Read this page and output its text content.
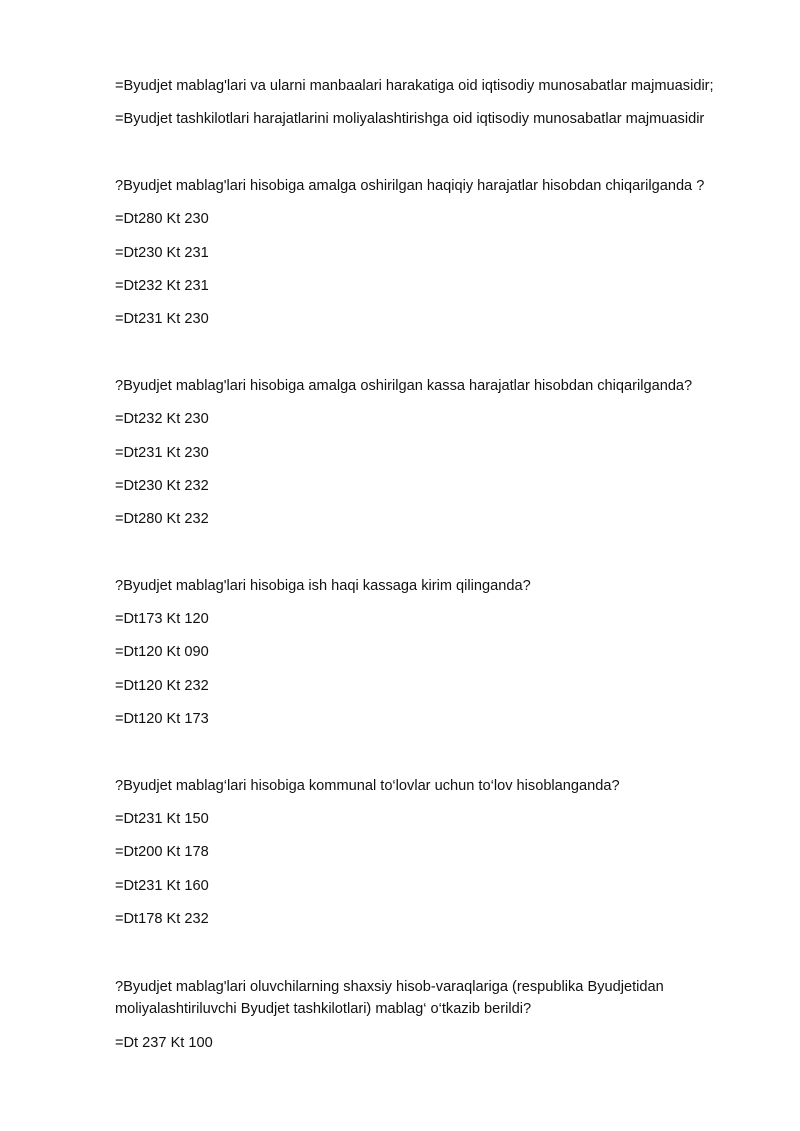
=Byudjet mablag'lari va ularni manbaalari harakatiga oid iqtisodiy munosabatlar majmuasidir;
=Byudjet tashkilotlari harajatlarini moliyalashtirishga oid iqtisodiy munosabatlar majmuasidir
?Byudjet mablag'lari hisobiga amalga oshirilgan haqiqiy harajatlar hisobdan chiqarilganda ?
=Dt280 Kt 230
=Dt230 Kt 231
=Dt232 Kt 231
=Dt231 Kt 230
?Byudjet mablag'lari hisobiga amalga oshirilgan kassa harajatlar hisobdan chiqarilganda?
=Dt232 Kt 230
=Dt231 Kt 230
=Dt230 Kt 232
=Dt280 Kt 232
?Byudjet mablag'lari hisobiga ish haqi kassaga kirim qilinganda?
=Dt173 Kt 120
=Dt120 Kt 090
=Dt120 Kt 232
=Dt120 Kt 173
?Byudjet mablag‘lari hisobiga kommunal to‘lovlar uchun to‘lov hisoblanganda?
=Dt231 Kt 150
=Dt200 Kt 178
=Dt231 Kt 160
=Dt178 Kt 232
?Byudjet mablag'lari oluvchilarning shaxsiy hisob-varaqlariga (respublika Byudjetidan moliyalashtiriluvchi Byudjet tashkilotlari) mablag‘ o‘tkazib berildi?
=Dt 237 Kt 100
